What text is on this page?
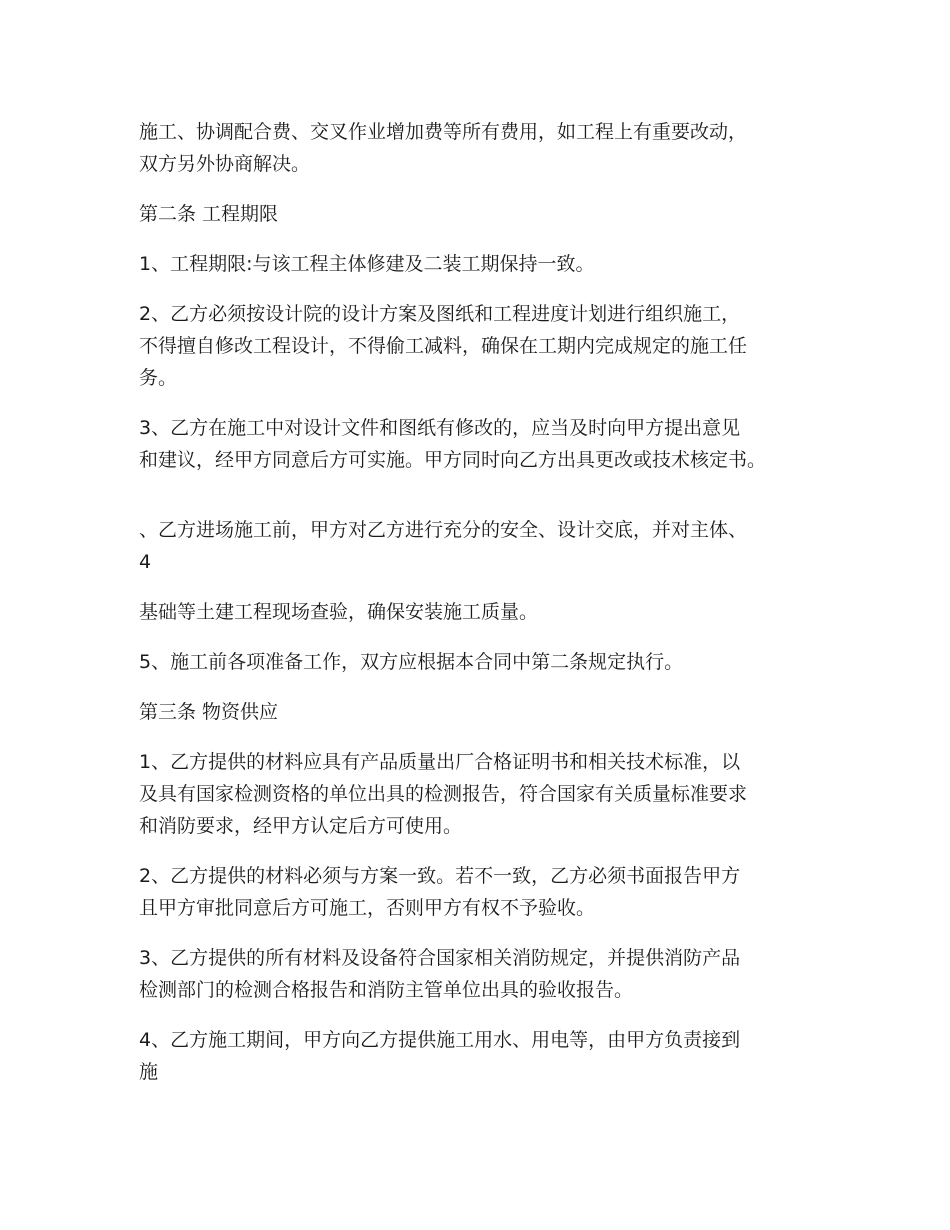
施工、协调配合费、交叉作业增加费等所有费用，如工程上有重要改动，
双方另外协商解决。

第二条 工程期限

1、工程期限:与该工程主体修建及二装工期保持一致。

2、乙方必须按设计院的设计方案及图纸和工程进度计划进行组织施工，
不得擅自修改工程设计，不得偷工减料，确保在工期内完成规定的施工任
务。

3、乙方在施工中对设计文件和图纸有修改的，应当及时向甲方提出意见
和建议，经甲方同意后方可实施。甲方同时向乙方出具更改或技术核定书。

、乙方进场施工前，甲方对乙方进行充分的安全、设计交底，并对主体、
4

基础等土建工程现场查验，确保安装施工质量。

5、施工前各项准备工作，双方应根据本合同中第二条规定执行。

第三条 物资供应

1、乙方提供的材料应具有产品质量出厂合格证明书和相关技术标准，以
及具有国家检测资格的单位出具的检测报告，符合国家有关质量标准要求
和消防要求，经甲方认定后方可使用。

2、乙方提供的材料必须与方案一致。若不一致，乙方必须书面报告甲方
且甲方审批同意后方可施工，否则甲方有权不予验收。

3、乙方提供的所有材料及设备符合国家相关消防规定，并提供消防产品
检测部门的检测合格报告和消防主管单位出具的验收报告。

4、乙方施工期间，甲方向乙方提供施工用水、用电等，由甲方负责接到
施
